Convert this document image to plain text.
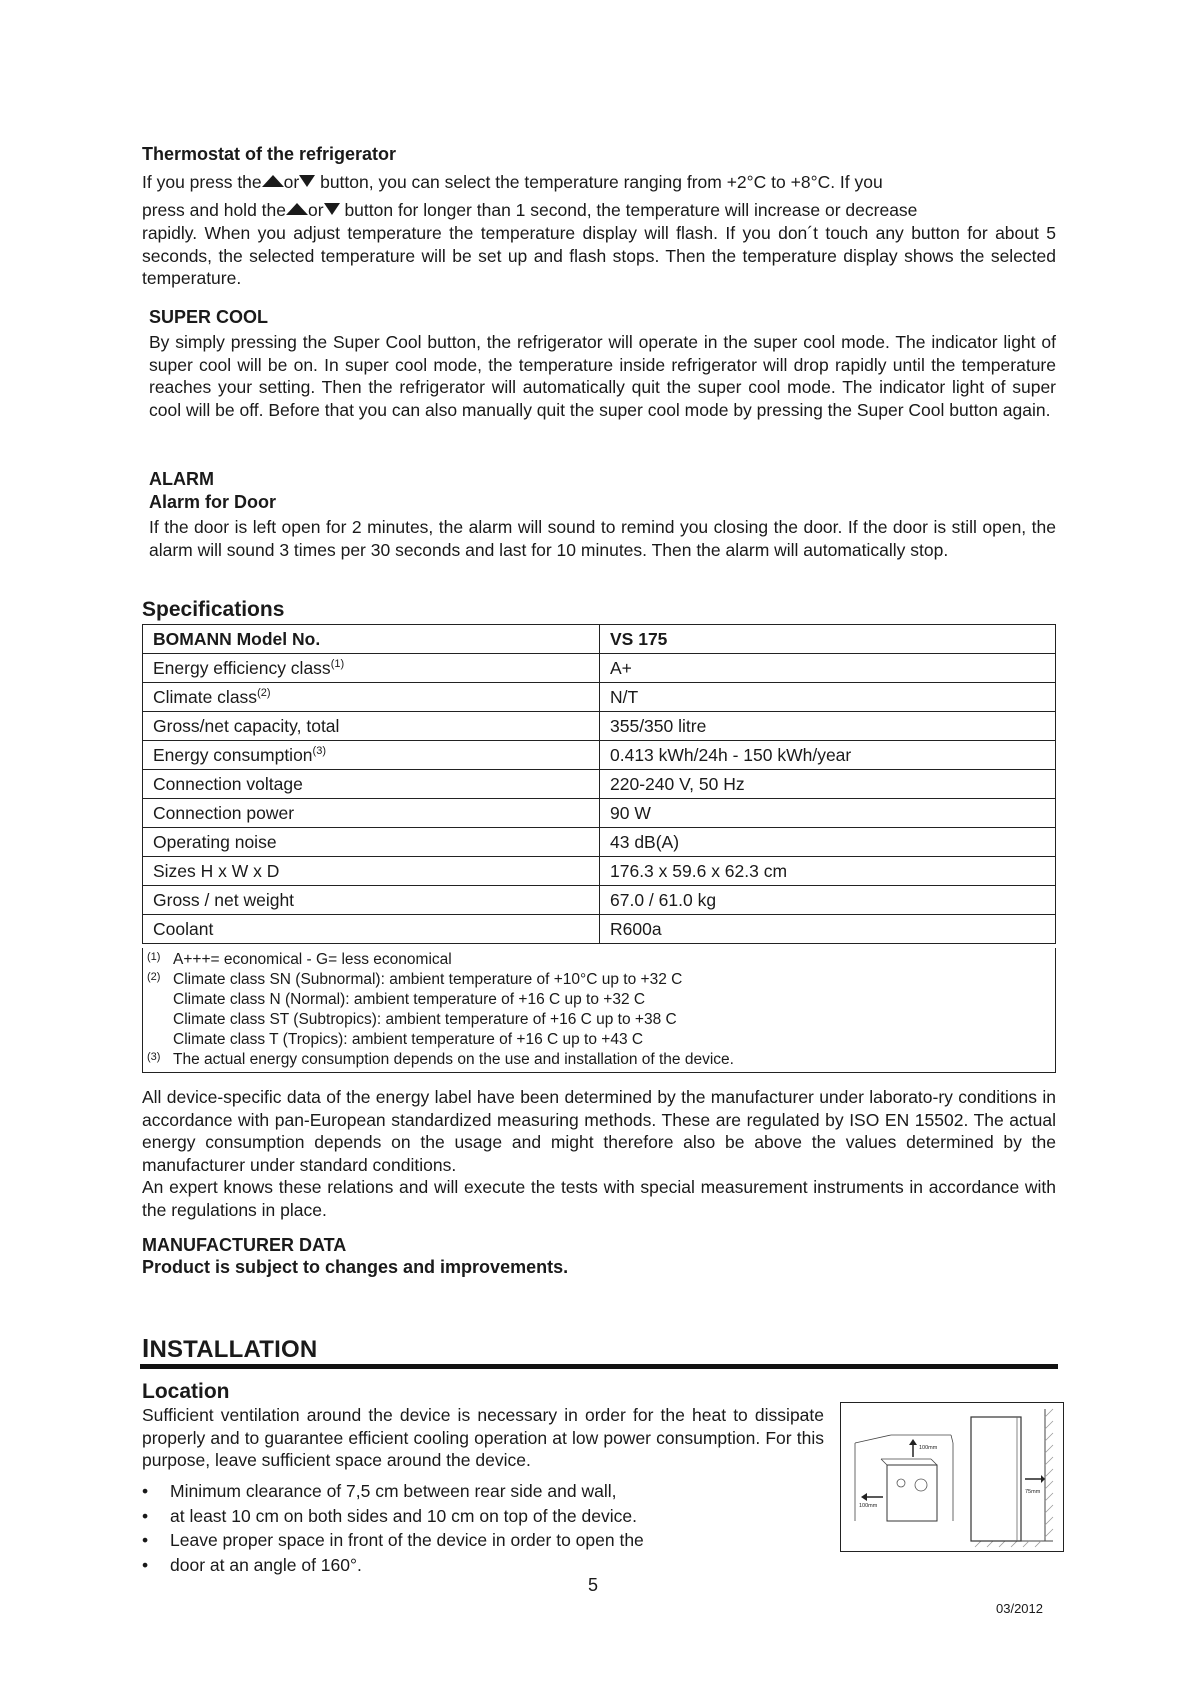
Thermostat of the refrigerator
If you press the or button, you can select the temperature ranging from +2°C to +8°C. If you
press and hold the or button for longer than 1 second, the temperature will increase or decrease
rapidly. When you adjust temperature the temperature display will flash. If you don´t touch any button for about 5 seconds, the selected temperature will be set up and flash stops. Then the temperature display shows the selected temperature.
SUPER COOL
By simply pressing the Super Cool button, the refrigerator will operate in the super cool mode. The indicator light of super cool will be on. In super cool mode, the temperature inside refrigerator will drop rapidly until the temperature reaches your setting. Then the refrigerator will automatically quit the super cool mode. The indicator light of super cool will be off. Before that you can also manually quit the super cool mode by pressing the Super Cool button again.
ALARM
Alarm for Door
If the door is left open for 2 minutes, the alarm will sound to remind you closing the door. If the door is still open, the alarm will sound 3 times per 30 seconds and last for 10 minutes. Then the alarm will automatically stop.
Specifications
BOMANN Model No.	VS 175
Energy efficiency class$^{(1)}$	A+
Climate class$^{(2)}$	N/T
Gross/net capacity, total	355/350 litre
Energy consumption$^{(3)}$	0.413 kWh/24h - 150 kWh/year
Connection voltage	220-240 V, 50 Hz
Connection power	90 W
Operating noise	43 dB(A)
Sizes H x W x D	176.3 x 59.6 x 62.3 cm
Gross / net weight	67.0 / 61.0 kg
Coolant	R600a
(1) A+++= economical - G= less economical
(2) Climate class SN (Subnormal): ambient temperature of +10°C up to +32 C
Climate class N (Normal): ambient temperature of +16 C up to +32 C
Climate class ST (Subtropics): ambient temperature of +16 C up to +38 C
Climate class T (Tropics): ambient temperature of +16 C up to +43 C
(3) The actual energy consumption depends on the use and installation of the device.
All device-specific data of the energy label have been determined by the manufacturer under laborato-ry conditions in accordance with pan-European standardized measuring methods. These are regulated by ISO EN 15502. The actual energy consumption depends on the usage and might therefore also be above the values determined by the manufacturer under standard conditions.
An expert knows these relations and will execute the tests with special measurement instruments in accordance with the regulations in place.
MANUFACTURER DATA
Product is subject to changes and improvements.
INSTALLATION
Location
Sufficient ventilation around the device is necessary in order for the heat to dissipate properly and to guarantee efficient cooling operation at low power consumption. For this purpose, leave sufficient space around the device.
• Minimum clearance of 7,5 cm between rear side and wall,
• at least 10 cm on both sides and 10 cm on top of the device.
• Leave proper space in front of the device in order to open the
• door at an angle of 160°.
75mm
100mm
100mm
5
03/2012
